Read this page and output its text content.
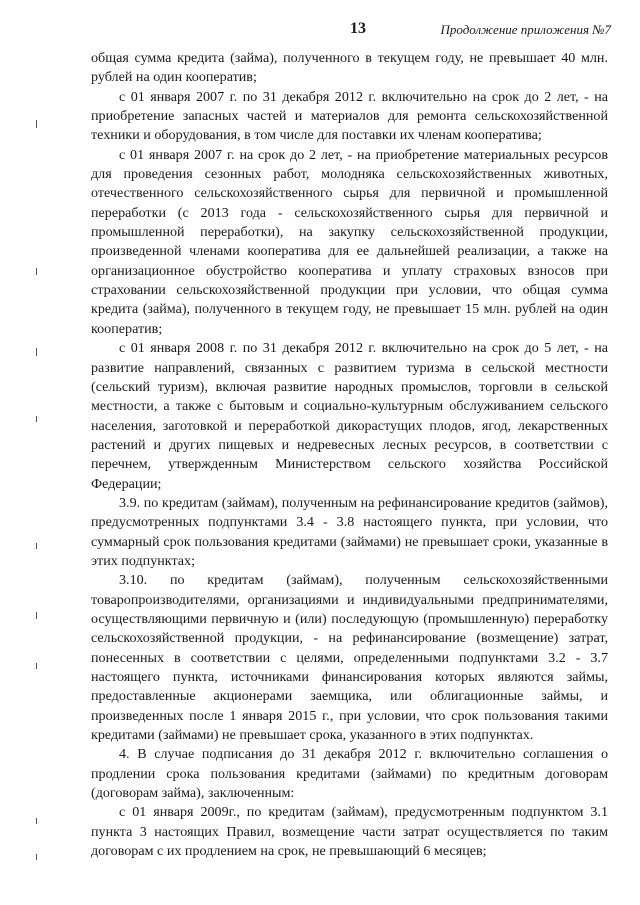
13	Продолжение приложения №7

общая сумма кредита (займа), полученного в текущем году, не превышает 40 млн. рублей на один кооператив;

с 01 января 2007 г. по 31 декабря 2012 г. включительно на срок до 2 лет, - на приобретение запасных частей и материалов для ремонта сельскохозяйственной техники и оборудования, в том числе для поставки их членам кооператива;

с 01 января 2007 г. на срок до 2 лет, - на приобретение материальных ресурсов для проведения сезонных работ, молодняка сельскохозяйственных животных, отечественного сельскохозяйственного сырья для первичной и промышленной переработки (с 2013 года - сельскохозяйственного сырья для первичной и промышленной переработки), на закупку сельскохозяйственной продукции, произведенной членами кооператива для ее дальнейшей реализации, а также на организационное обустройство кооператива и уплату страховых взносов при страховании сельскохозяйственной продукции при условии, что общая сумма кредита (займа), полученного в текущем году, не превышает 15 млн. рублей на один кооператив;

с 01 января 2008 г. по 31 декабря 2012 г. включительно на срок до 5 лет, - на развитие направлений, связанных с развитием туризма в сельской местности (сельский туризм), включая развитие народных промыслов, торговли в сельской местности, а также с бытовым и социально-культурным обслуживанием сельского населения, заготовкой и переработкой дикорастущих плодов, ягод, лекарственных растений и других пищевых и недревесных лесных ресурсов, в соответствии с перечнем, утвержденным Министерством сельского хозяйства Российской Федерации;

3.9. по кредитам (займам), полученным на рефинансирование кредитов (займов), предусмотренных подпунктами 3.4 - 3.8 настоящего пункта, при условии, что суммарный срок пользования кредитами (займами) не превышает сроки, указанные в этих подпунктах;

3.10. по кредитам (займам), полученным сельскохозяйственными товаропроизводителями, организациями и индивидуальными предпринимателями, осуществляющими первичную и (или) последующую (промышленную) переработку сельскохозяйственной продукции, - на рефинансирование (возмещение) затрат, понесенных в соответствии с целями, определенными подпунктами 3.2 - 3.7 настоящего пункта, источниками финансирования которых являются займы, предоставленные акционерами заемщика, или облигационные займы, и произведенных после 1 января 2015 г., при условии, что срок пользования такими кредитами (займами) не превышает срока, указанного в этих подпунктах.

4. В случае подписания до 31 декабря 2012 г. включительно соглашения о продлении срока пользования кредитами (займами) по кредитным договорам (договорам займа), заключенным:

с 01 января 2009г., по кредитам (займам), предусмотренным подпунктом 3.1 пункта 3 настоящих Правил, возмещение части затрат осуществляется по таким договорам с их продлением на срок, не превышающий 6 месяцев;
